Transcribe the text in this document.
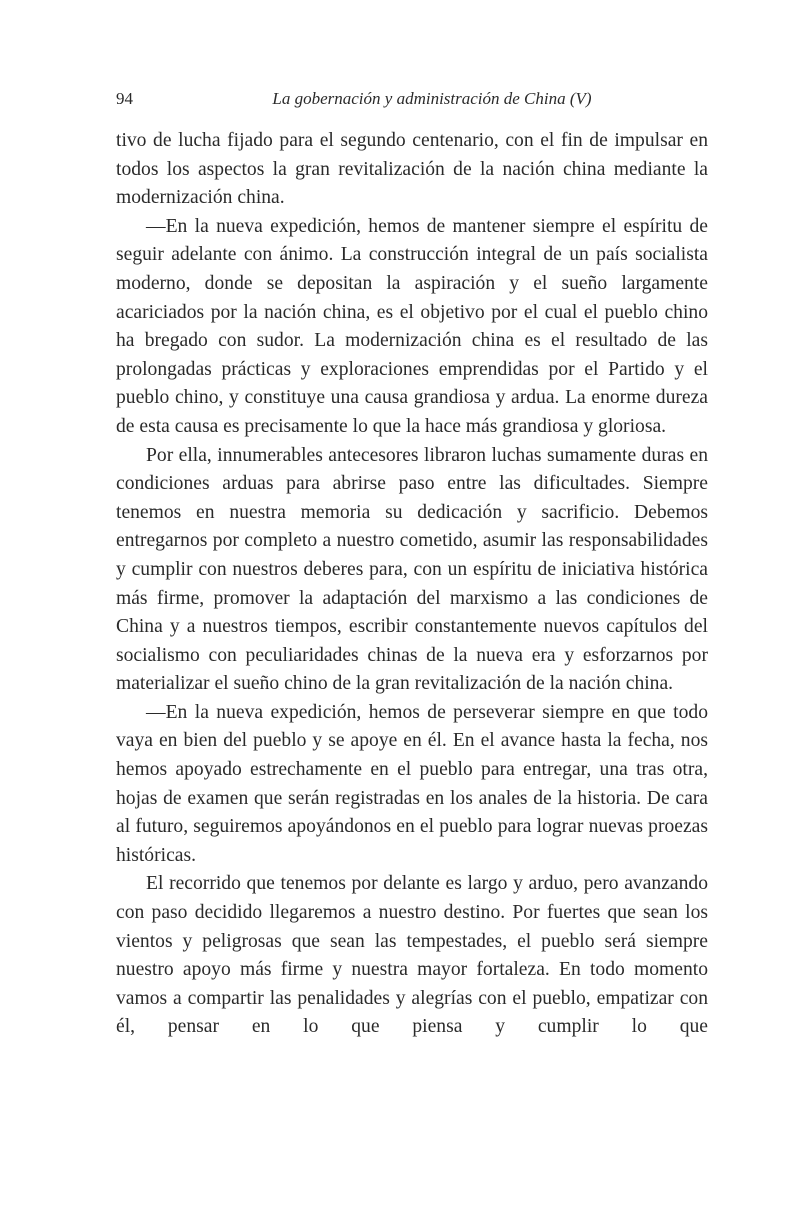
94	La gobernación y administración de China (V)

tivo de lucha fijado para el segundo centenario, con el fin de impulsar en todos los aspectos la gran revitalización de la nación china mediante la modernización china.

—En la nueva expedición, hemos de mantener siempre el espíritu de seguir adelante con ánimo. La construcción integral de un país socialista moderno, donde se depositan la aspiración y el sueño largamente acariciados por la nación china, es el objetivo por el cual el pueblo chino ha bregado con sudor. La modernización china es el resultado de las prolongadas prácticas y exploraciones emprendidas por el Partido y el pueblo chino, y constituye una causa grandiosa y ardua. La enorme dureza de esta causa es precisamente lo que la hace más grandiosa y gloriosa.

Por ella, innumerables antecesores libraron luchas sumamente duras en condiciones arduas para abrirse paso entre las dificultades. Siempre tenemos en nuestra memoria su dedicación y sacrificio. Debemos entregarnos por completo a nuestro cometido, asumir las responsabilidades y cumplir con nuestros deberes para, con un espíritu de iniciativa histórica más firme, promover la adaptación del marxismo a las condiciones de China y a nuestros tiempos, escribir constantemente nuevos capítulos del socialismo con peculiaridades chinas de la nueva era y esforzarnos por materializar el sueño chino de la gran revitalización de la nación china.

—En la nueva expedición, hemos de perseverar siempre en que todo vaya en bien del pueblo y se apoye en él. En el avance hasta la fecha, nos hemos apoyado estrechamente en el pueblo para entregar, una tras otra, hojas de examen que serán registradas en los anales de la historia. De cara al futuro, seguiremos apoyándonos en el pueblo para lograr nuevas proezas históricas.

El recorrido que tenemos por delante es largo y arduo, pero avanzando con paso decidido llegaremos a nuestro destino. Por fuertes que sean los vientos y peligrosas que sean las tempestades, el pueblo será siempre nuestro apoyo más firme y nuestra mayor fortaleza. En todo momento vamos a compartir las penalidades y alegrías con el pueblo, empatizar con él, pensar en lo que piensa y cumplir lo que
